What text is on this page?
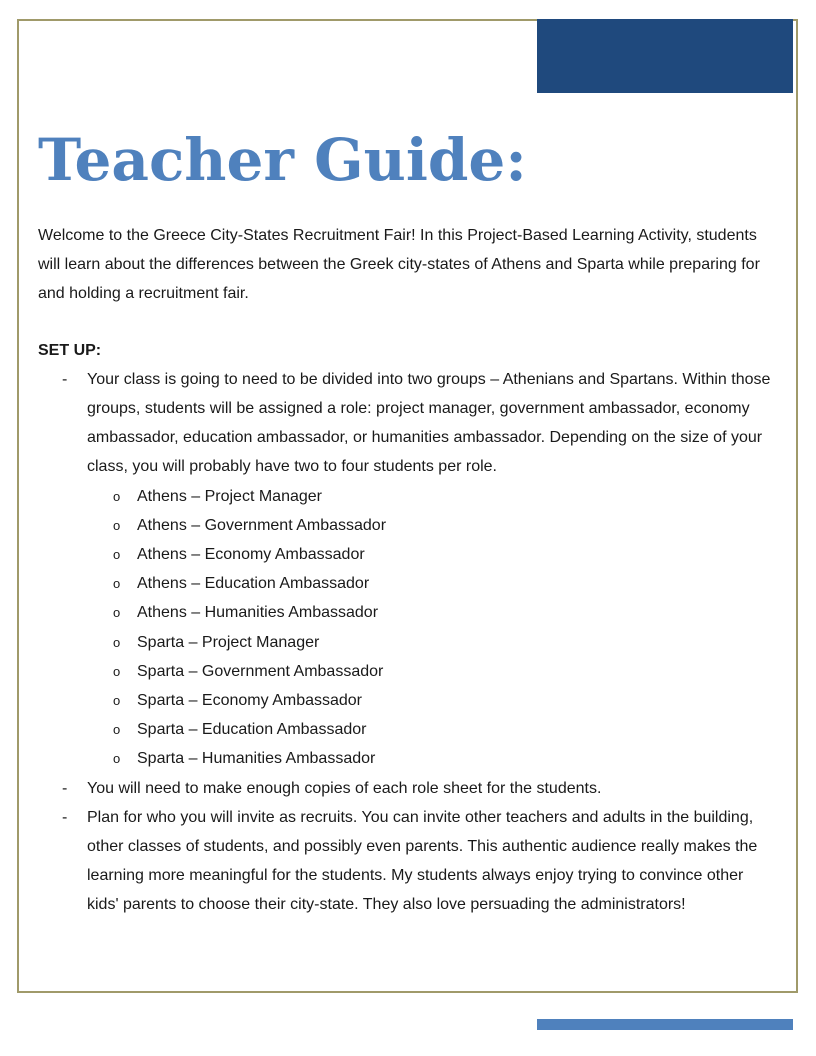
Teacher Guide:

Welcome to the Greece City-States Recruitment Fair! In this Project-Based Learning Activity, students will learn about the differences between the Greek city-states of Athens and Sparta while preparing for and holding a recruitment fair.

SET UP:

- Your class is going to need to be divided into two groups – Athenians and Spartans. Within those groups, students will be assigned a role: project manager, government ambassador, economy ambassador, education ambassador, or humanities ambassador. Depending on the size of your class, you will probably have two to four students per role.
o Athens – Project Manager
o Athens – Government Ambassador
o Athens – Economy Ambassador
o Athens – Education Ambassador
o Athens – Humanities Ambassador
o Sparta – Project Manager
o Sparta – Government Ambassador
o Sparta – Economy Ambassador
o Sparta – Education Ambassador
o Sparta – Humanities Ambassador
- You will need to make enough copies of each role sheet for the students.
- Plan for who you will invite as recruits. You can invite other teachers and adults in the building, other classes of students, and possibly even parents. This authentic audience really makes the learning more meaningful for the students. My students always enjoy trying to convince other kids' parents to choose their city-state. They also love persuading the administrators!
